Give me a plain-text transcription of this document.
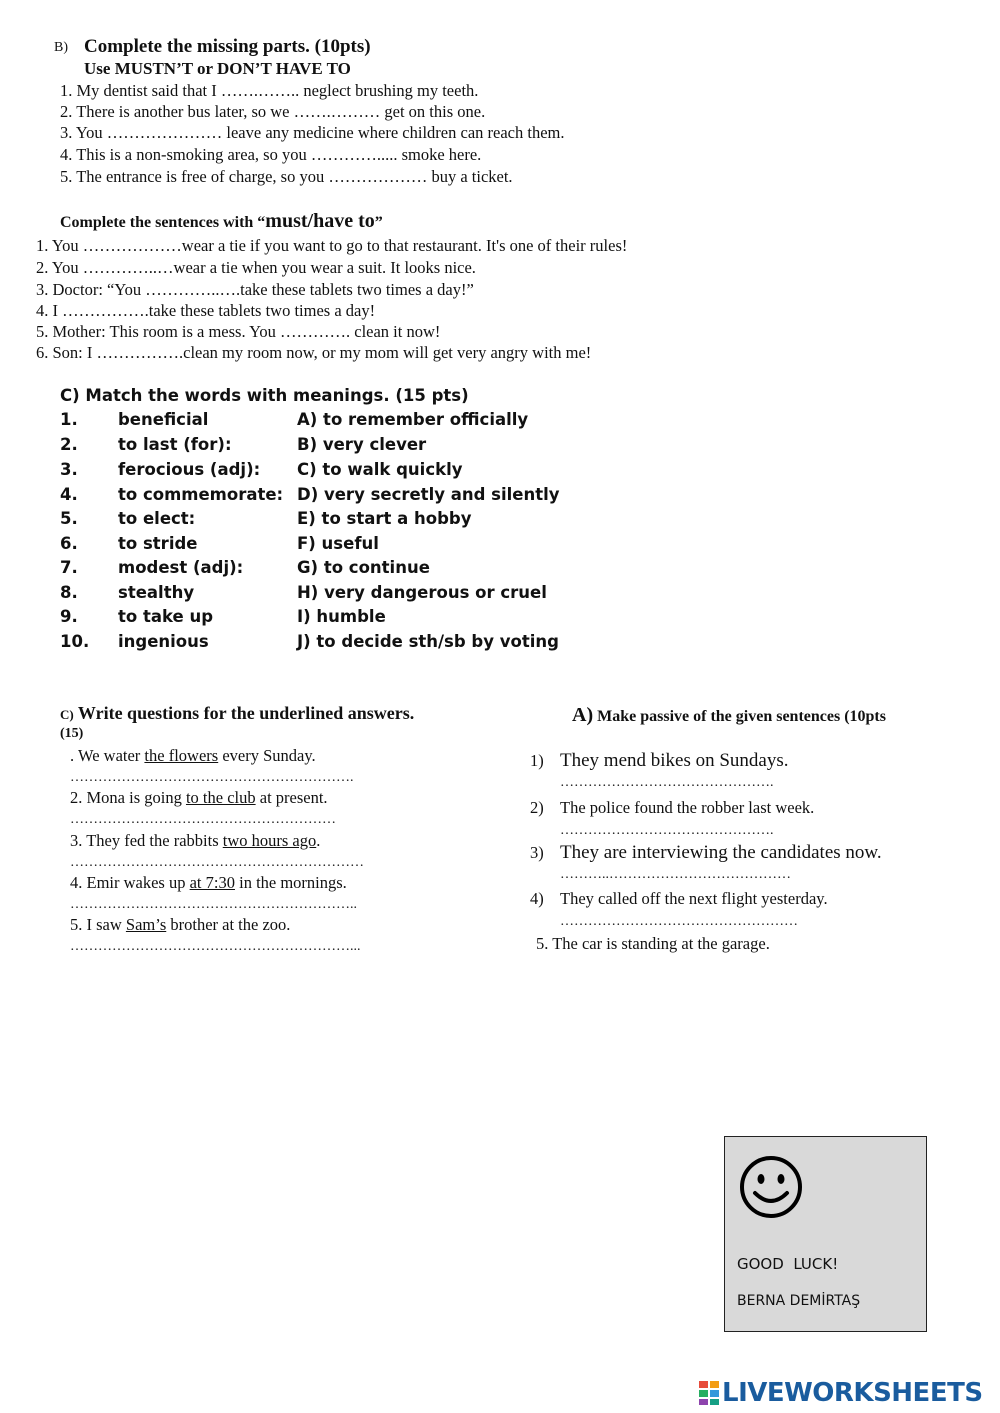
B) Complete the missing parts. (10pts)
Use MUSTN’T or DON’T HAVE TO
1. My dentist said that I …….…….. neglect brushing my teeth.
2. There is another bus later, so we …….……… get on this one.
3. You ………………… leave any medicine where children can reach them.
4. This is a non-smoking area, so you …………..... smoke here.
5. The entrance is free of charge, so you ……………… buy a ticket.
Complete the sentences with “must/have to”
1. You ………………wear a tie if you want to go to that restaurant. It's one of their rules!
2. You …………..…wear a tie when you wear a suit. It looks nice.
3. Doctor: “You …………..….take these tablets two times a day!”
4. I …………….take these tablets two times a day!
5. Mother: This room is a mess. You …………. clean it now!
6. Son: I …………….clean my room now, or my mom will get very angry with me!
C) Match the words with meanings. (15 pts)
1. beneficial	A) to remember officially
2. to last (for):	B) very clever
3. ferocious (adj): C) to walk quickly
4. to commemorate: D) very secretly and silently
5. to elect:	E) to start a hobby
6. to stride	F) useful
7. modest (adj):	G) to continue
8. stealthy	H) very dangerous or cruel
9. to take up	I) humble
10. ingenious	J) to decide sth/sb by voting
C) Write questions for the underlined answers.
(15)
. We water the flowers every Sunday.
…………………………………………………….
2. Mona is going to the club at present.
…………………………………………………
3. They fed the rabbits two hours ago.
………………………………………………………
4. Emir wakes up at 7:30 in the mornings.
……………………………………………………..
5. I saw Sam’s brother at the zoo.
……………………………………………………...
A) Make passive of the given sentences (10pts
1) They mend bikes on Sundays.
……………………………………….
2) The police found the robber last week.
……………………………………….
3) They are interviewing the candidates now.
………..…………………………………
4) They called off the next flight yesterday.
……………………………………………
5. The car is standing at the garage.
GOOD  LUCK!
BERNA DEMİRTAŞ
LIVEWORKSHEETS
